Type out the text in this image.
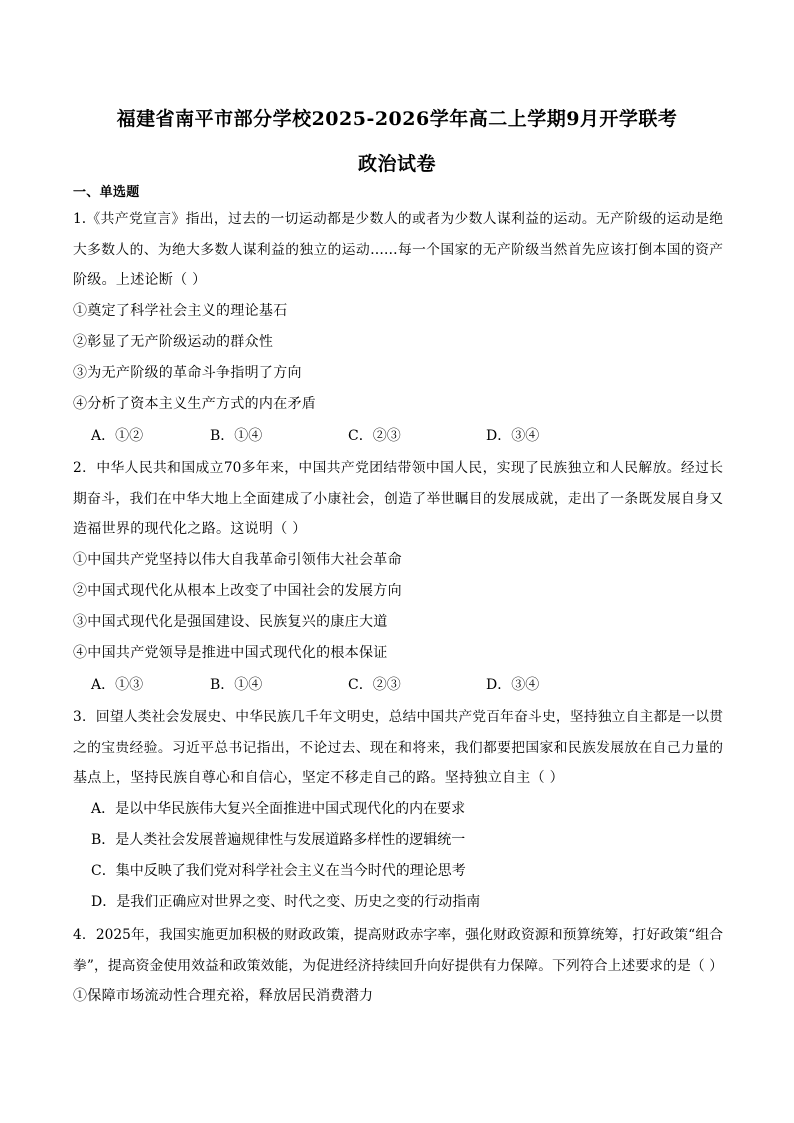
福建省南平市部分学校2025-2026学年高二上学期9月开学联考
政治试卷
一、单选题
1.《共产党宣言》指出，过去的一切运动都是少数人的或者为少数人谋利益的运动。无产阶级的运动是绝
大多数人的、为绝大多数人谋利益的独立的运动……每一个国家的无产阶级当然首先应该打倒本国的资产
阶级。上述论断（ ）
①奠定了科学社会主义的理论基石
②彰显了无产阶级运动的群众性
③为无产阶级的革命斗争指明了方向
④分析了资本主义生产方式的内在矛盾
A．①②	B．①④	C．②③	D．③④
2．中华人民共和国成立70多年来，中国共产党团结带领中国人民，实现了民族独立和人民解放。经过长
期奋斗，我们在中华大地上全面建成了小康社会，创造了举世瞩目的发展成就，走出了一条既发展自身又
造福世界的现代化之路。这说明（ ）
①中国共产党坚持以伟大自我革命引领伟大社会革命
②中国式现代化从根本上改变了中国社会的发展方向
③中国式现代化是强国建设、民族复兴的康庄大道
④中国共产党领导是推进中国式现代化的根本保证
A．①③	B．①④	C．②③	D．③④
3．回望人类社会发展史、中华民族几千年文明史，总结中国共产党百年奋斗史，坚持独立自主都是一以贯
之的宝贵经验。习近平总书记指出，不论过去、现在和将来，我们都要把国家和民族发展放在自己力量的
基点上，坚持民族自尊心和自信心，坚定不移走自己的路。坚持独立自主（ ）
A．是以中华民族伟大复兴全面推进中国式现代化的内在要求
B．是人类社会发展普遍规律性与发展道路多样性的逻辑统一
C．集中反映了我们党对科学社会主义在当今时代的理论思考
D．是我们正确应对世界之变、时代之变、历史之变的行动指南
4．2025年，我国实施更加积极的财政政策，提高财政赤字率，强化财政资源和预算统筹，打好政策“组合
拳”，提高资金使用效益和政策效能，为促进经济持续回升向好提供有力保障。下列符合上述要求的是（ ）
①保障市场流动性合理充裕，释放居民消费潜力
